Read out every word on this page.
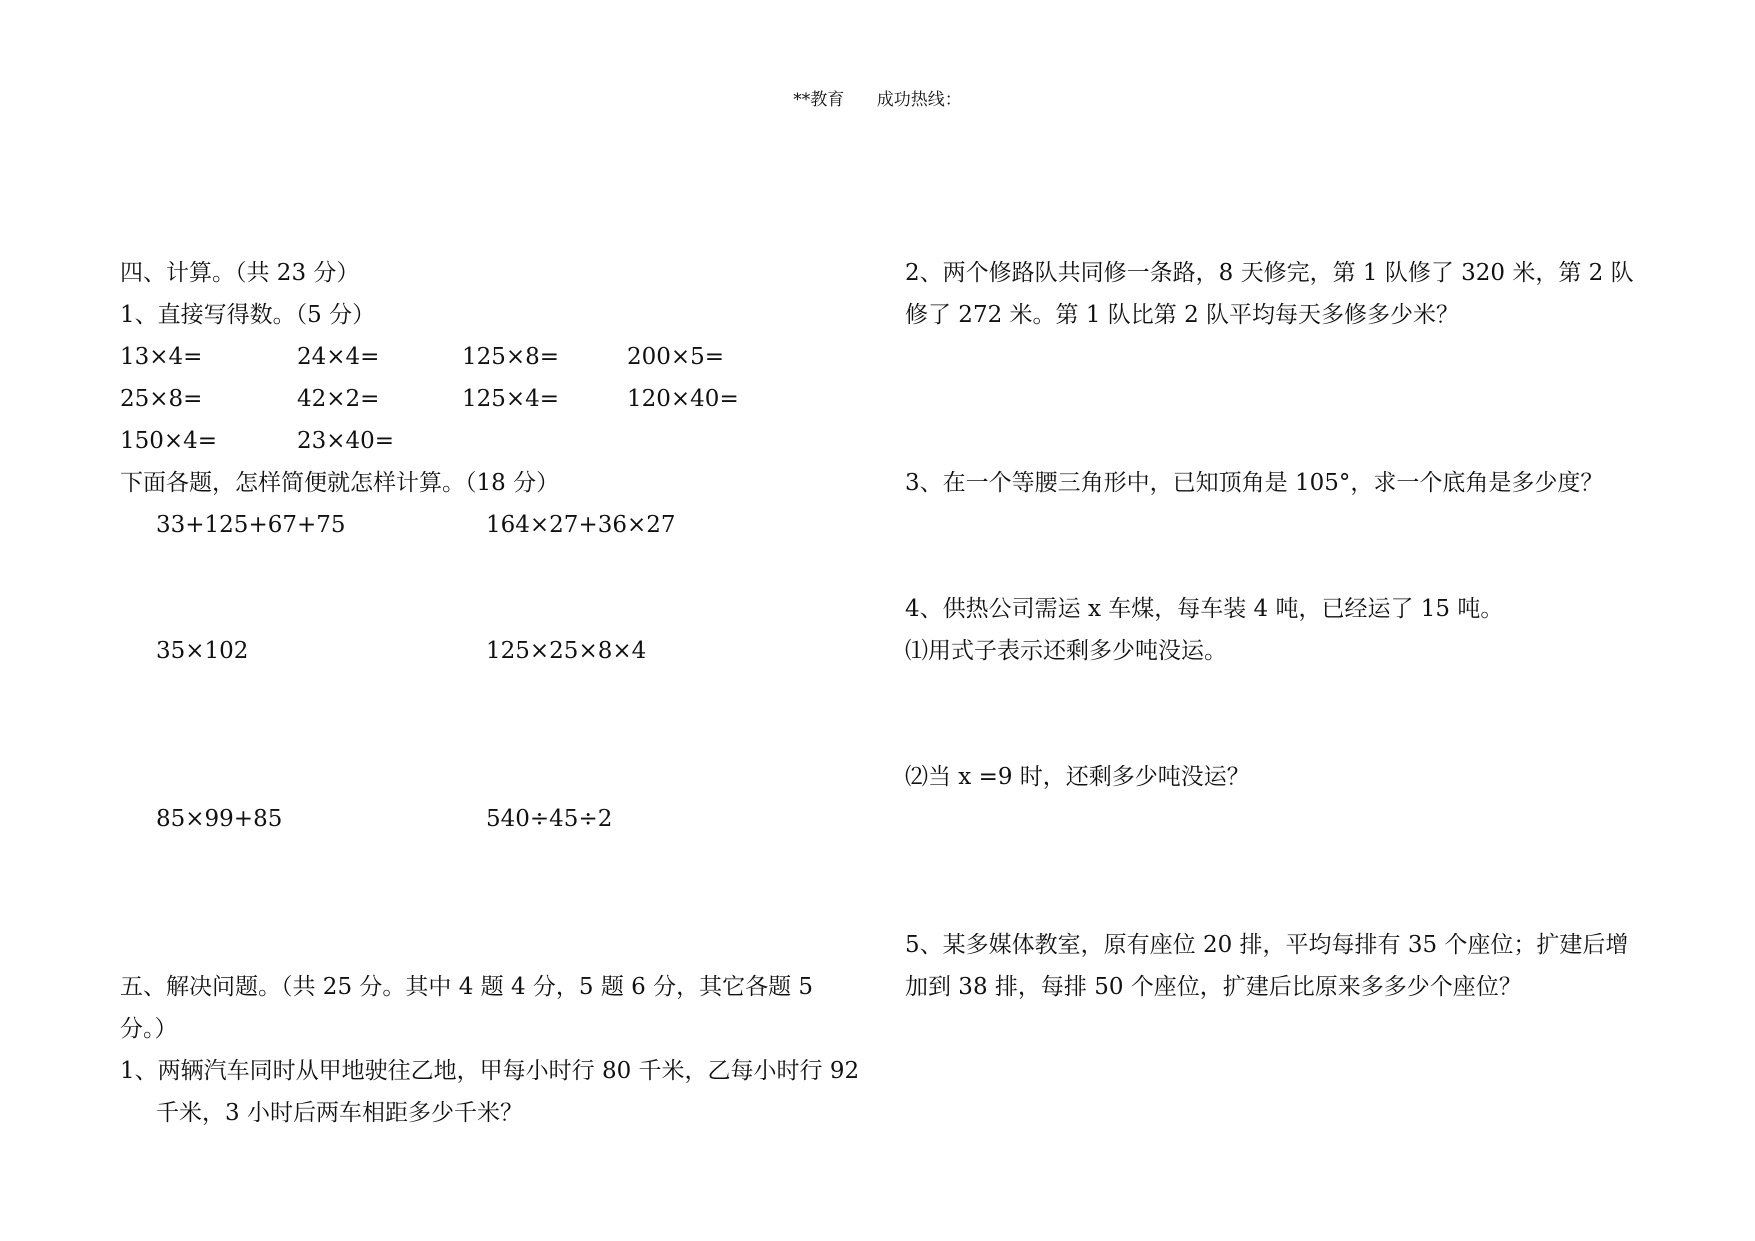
**教育      成功热线：
四、计算。（共 23 分）
1、直接写得数。（5 分）
13×4=	24×4=	125×8=	200×5=
25×8=	42×2=	125×4=	120×40=
150×4=	23×40=
下面各题，怎样简便就怎样计算。（18 分）
33+125+67+75	164×27+36×27
35×102	125×25×8×4
85×99+85	540÷45÷2
五、解决问题。（共 25 分。其中 4 题 4 分，5 题 6 分，其它各题 5 分。）
1、两辆汽车同时从甲地驶往乙地，甲每小时行 80 千米，乙每小时行 92 千米，3 小时后两车相距多少千米？
2、两个修路队共同修一条路，8 天修完，第 1 队修了 320 米，第 2 队修了 272 米。第 1 队比第 2 队平均每天多修多少米？
3、在一个等腰三角形中，已知顶角是 105°，求一个底角是多少度？
4、供热公司需运 x 车煤，每车装 4 吨，已经运了 15 吨。
⑴用式子表示还剩多少吨没运。
⑵当 x =9 时，还剩多少吨没运？
5、某多媒体教室，原有座位 20 排，平均每排有 35 个座位；扩建后增加到 38 排，每排 50 个座位，扩建后比原来多多少个座位？
